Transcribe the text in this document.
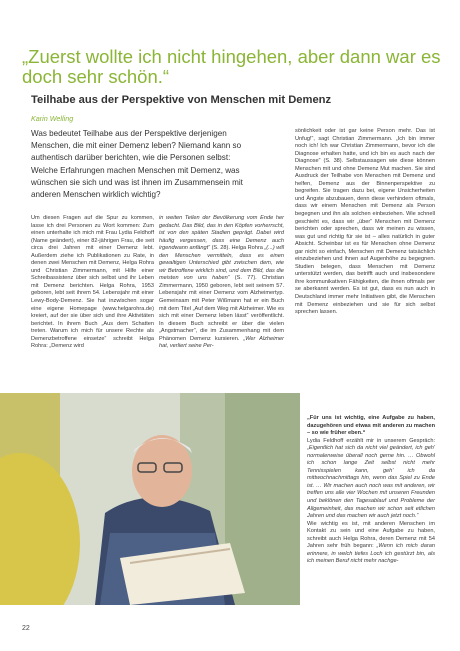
„Zuerst wollte ich nicht hingehen, aber dann war es doch sehr schön.“
Teilhabe aus der Perspektive von Menschen mit Demenz
Karin Welling
Was bedeutet Teilhabe aus der Perspektive derjenigen Menschen, die mit einer Demenz leben? Niemand kann so authentisch darüber berichten, wie die Personen selbst: Welche Erfahrungen machen Menschen mit Demenz, was wünschen sie sich und was ist ihnen im Zusammensein mit anderen Menschen wirklich wichtig?

Um diesen Fragen auf die Spur zu kommen, lasse ich drei Personen zu Wort kommen: Zum einen unterhalte ich mich mit Frau Lydia Feldhoff (Name geändert), einer 82-jährigen Frau, die seit circa drei Jahren mit einer Demenz lebt. Außerdem ziehe ich Publikationen zu Rate, in denen zwei Menschen mit Demenz, Helga Rohra und Christian Zimmermann, mit Hilfe einer Schreibassistenz über sich selbst und ihr Leben mit Demenz berichten. Helga Rohra, 1953 geboren, lebt seit ihrem 54. Lebensjahr mit einer Lewy-Body-Demenz. Sie hat inzwischen sogar eine eigene Homepage (www.helgarohra.de) kreiert, auf der sie über sich und ihre Aktivitäten berichtet. In ihrem Buch „Aus dem Schatten treten. Warum ich mich für unsere Rechte als Demenzbetroffene einsetze“ schreibt Helga Rohra: „Demenz wird

in weiten Teilen der Bevölkerung vom Ende her gedacht. Das Bild, das in den Köpfen vorherrscht, ist von den späten Stadien geprägt. Dabei wird häufig vergessen, dass eine Demenz auch irgendwann anfängt“ (S. 28). Helga Rohra „(...) will den Menschen vermitteln, dass es einen gewaltigen Unterschied gibt zwischen dem, wie wir Betroffene wirklich sind, und dem Bild, das die meisten von uns haben“ (S. 77). Christian Zimmermann, 1950 geboren, lebt seit seinem 57. Lebensjahr mit einer Demenz vom Alzheimertyp. Gemeinsam mit Peter Wißmann hat er ein Buch mit dem Titel „Auf dem Weg mit Alzheimer. Wie es sich mit einer Demenz leben lässt“ veröffentlicht. In diesem Buch schreibt er über die vielen „Angstmacher“, die im Zusammenhang mit dem Phänomen Demenz kursieren. „Wer Alzheimer hat, verliert seine Per-

sönlichkeit oder ist gar keine Person mehr. Das ist Unfug!“, sagt Christian Zimmermann. „Ich bin immer noch ich! Ich war Christian Zimmermann, bevor ich die Diagnose erhalten hatte, und ich bin es auch nach der Diagnose“ (S. 38). Selbstaussagen wie diese können Menschen mit und ohne Demenz Mut machen. Sie sind Ausdruck der Teilhabe von Menschen mit Demenz und helfen, Demenz aus der Binnenperspektive zu begreifen. Sie tragen dazu bei, eigene Unsicherheiten und Ängste abzubauen, denn diese verhindern oftmals, dass wir einem Menschen mit Demenz als Person begegnen und ihn als solchen einbeziehen. Wie schnell geschieht es, dass wir „über“ Menschen mit Demenz berichten oder sprechen, dass wir meinen zu wissen, was gut und richtig für sie ist – alles natürlich in guter Absicht. Scheinbar ist es für Menschen ohne Demenz gar nicht so einfach, Menschen mit Demenz tatsächlich einzubeziehen und ihnen auf Augenhöhe zu begegnen. Studien belegen, dass Menschen mit Demenz unterstützt werden, das betrifft auch und insbesondere ihre kommunikativen Fähigkeiten, die ihnen oftmals per se aberkannt werden. Es ist gut, dass es nun auch in Deutschland immer mehr Initiativen gibt, die Menschen mit Demenz einbeziehen und sie für sich selbst sprechen lassen.

„Für uns ist wichtig, eine Aufgabe zu haben, dazugehören und etwas mit anderen zu machen – so wie früher eben.“

Lydia Feldhoff erzählt mir in unserem Gespräch: „Eigentlich hat sich da nicht viel geändert, ich geh' normalerweise überall noch gerne hin. … Obwohl ich schon lange Zeit selbst nicht mehr Tennisspielen kann, geh' ich da mittwochnachmittags hin, wenn das Spiel zu Ende ist. … Wir machen auch noch was mit anderen, wir treffen uns alle vier Wochen mit unseren Freunden und beklönen den Tagesablauf und Probleme der Allgemeinheit, das machen wir schon seit etlichen Jahren und das machen wir auch jetzt noch.“

Wie wichtig es ist, mit anderen Menschen im Kontakt zu sein und eine Aufgabe zu haben, schreibt auch Helga Rohra, deren Demenz mit 54 Jahren sehr früh begann: „Wenn ich mich daran erinnere, in welch tiefes Loch ich gestürzt bin, als ich meinen Beruf nicht mehr nachge-

22
